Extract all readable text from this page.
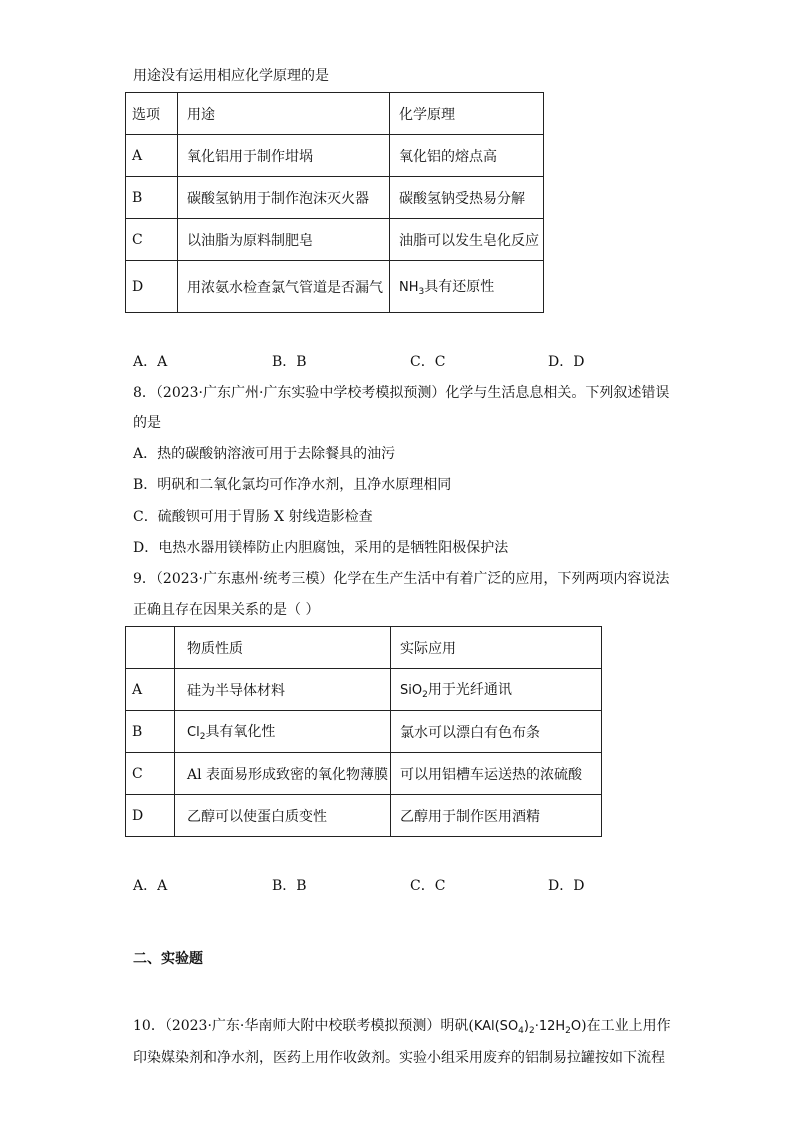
用途没有运用相应化学原理的是
选项	用途	化学原理
A	氧化铝用于制作坩埚	氧化铝的熔点高
B	碳酸氢钠用于制作泡沫灭火器	碳酸氢钠受热易分解
C	以油脂为原料制肥皂	油脂可以发生皂化反应
D	用浓氨水检查氯气管道是否漏气	$NH_3$具有还原性
A．A	B．B	C．C	D．D
8．（2023·广东广州·广东实验中学校考模拟预测）化学与生活息息相关。下列叙述错误
的是
A．热的碳酸钠溶液可用于去除餐具的油污
B．明矾和二氧化氯均可作净水剂，且净水原理相同
C．硫酸钡可用于胃肠 X 射线造影检查
D．电热水器用镁棒防止内胆腐蚀，采用的是牺牲阳极保护法
9．（2023·广东惠州·统考三模）化学在生产生活中有着广泛的应用，下列两项内容说法
正确且存在因果关系的是（ ）
	物质性质	实际应用
A	硅为半导体材料	SiO$_2$用于光纤通讯
B	$Cl_2$具有氧化性	氯水可以漂白有色布条
C	Al 表面易形成致密的氧化物薄膜	可以用铝槽车运送热的浓硫酸
D	乙醇可以使蛋白质变性	乙醇用于制作医用酒精
A．A	B．B	C．C	D．D
二、实验题
10．（2023·广东·华南师大附中校联考模拟预测）明矾$(KAl(SO_4)_2\cdot 12H_2O)$在工业上用作
印染媒染剂和净水剂，医药上用作收敛剂。实验小组采用废弃的铝制易拉罐按如下流程
